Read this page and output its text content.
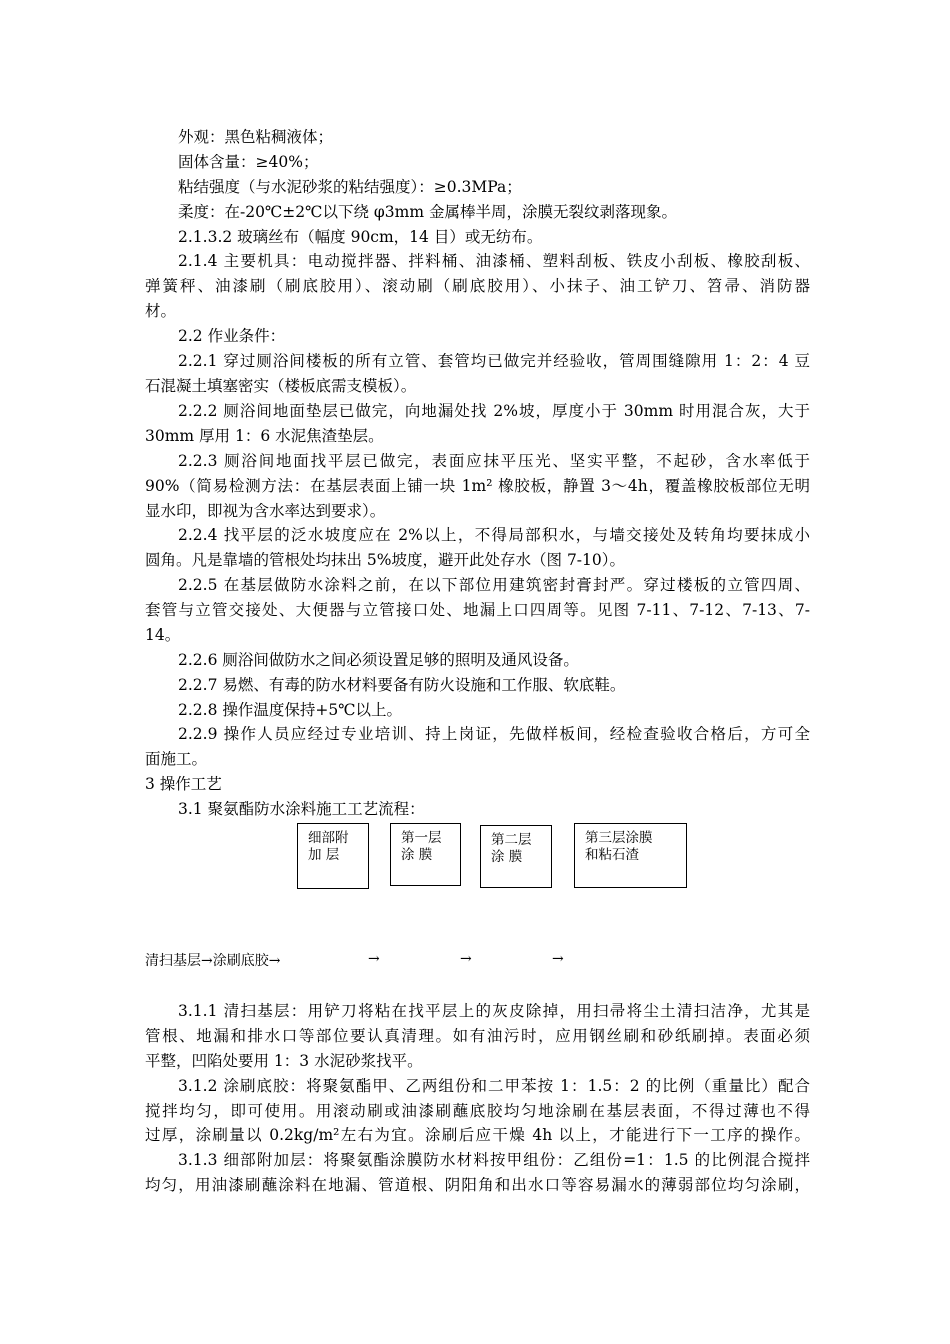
外观：黑色粘稠液体；
固体含量：≥40%；
粘结强度（与水泥砂浆的粘结强度）：≥0.3MPa；
柔度：在-20℃±2℃以下绕 φ3mm 金属棒半周，涂膜无裂纹剥落现象。
2.1.3.2 玻璃丝布（幅度 90cm，14 目）或无纺布。
2.1.4 主要机具：电动搅拌器、拌料桶、油漆桶、塑料刮板、铁皮小刮板、橡胶刮板、
弹簧秤、油漆刷（刷底胶用）、滚动刷（刷底胶用）、小抹子、油工铲刀、笤帚、消防器
材。
2.2 作业条件：
2.2.1 穿过厕浴间楼板的所有立管、套管均已做完并经验收，管周围缝隙用 1：2：4 豆
石混凝土填塞密实（楼板底需支模板）。
2.2.2 厕浴间地面垫层已做完，向地漏处找 2%坡，厚度小于 30mm 时用混合灰，大于
30mm 厚用 1：6 水泥焦渣垫层。
2.2.3 厕浴间地面找平层已做完，表面应抹平压光、坚实平整，不起砂，含水率低于
90%（简易检测方法：在基层表面上铺一块 1m² 橡胶板，静置 3～4h，覆盖橡胶板部位无明
显水印，即视为含水率达到要求）。
2.2.4 找平层的泛水坡度应在 2%以上，不得局部积水，与墙交接处及转角均要抹成小
圆角。凡是靠墙的管根处均抹出 5%坡度，避开此处存水（图 7-10）。
2.2.5 在基层做防水涂料之前，在以下部位用建筑密封膏封严。穿过楼板的立管四周、
套管与立管交接处、大便器与立管接口处、地漏上口四周等。见图 7-11、7-12、7-13、7-
14。
2.2.6 厕浴间做防水之间必须设置足够的照明及通风设备。
2.2.7 易燃、有毒的防水材料要备有防火设施和工作服、软底鞋。
2.2.8 操作温度保持+5℃以上。
2.2.9 操作人员应经过专业培训、持上岗证，先做样板间，经检查验收合格后，方可全
面施工。
3 操作工艺
3.1 聚氨酯防水涂料施工工艺流程：
细部附
加 层
第一层
涂 膜
第二层
涂 膜
第三层涂膜
和粘石渣
清扫基层→涂刷底胶→	→	→	→
3.1.1 清扫基层：用铲刀将粘在找平层上的灰皮除掉，用扫帚将尘土清扫洁净，尤其是
管根、地漏和排水口等部位要认真清理。如有油污时，应用钢丝刷和砂纸刷掉。表面必须
平整，凹陷处要用 1：3 水泥砂浆找平。
3.1.2 涂刷底胶：将聚氨酯甲、乙两组份和二甲苯按 1：1.5：2 的比例（重量比）配合
搅拌均匀，即可使用。用滚动刷或油漆刷蘸底胶均匀地涂刷在基层表面，不得过薄也不得
过厚，涂刷量以 0.2kg/m²左右为宜。涂刷后应干燥 4h 以上，才能进行下一工序的操作。
3.1.3 细部附加层：将聚氨酯涂膜防水材料按甲组份：乙组份=1：1.5 的比例混合搅拌
均匀，用油漆刷蘸涂料在地漏、管道根、阴阳角和出水口等容易漏水的薄弱部位均匀涂刷，
